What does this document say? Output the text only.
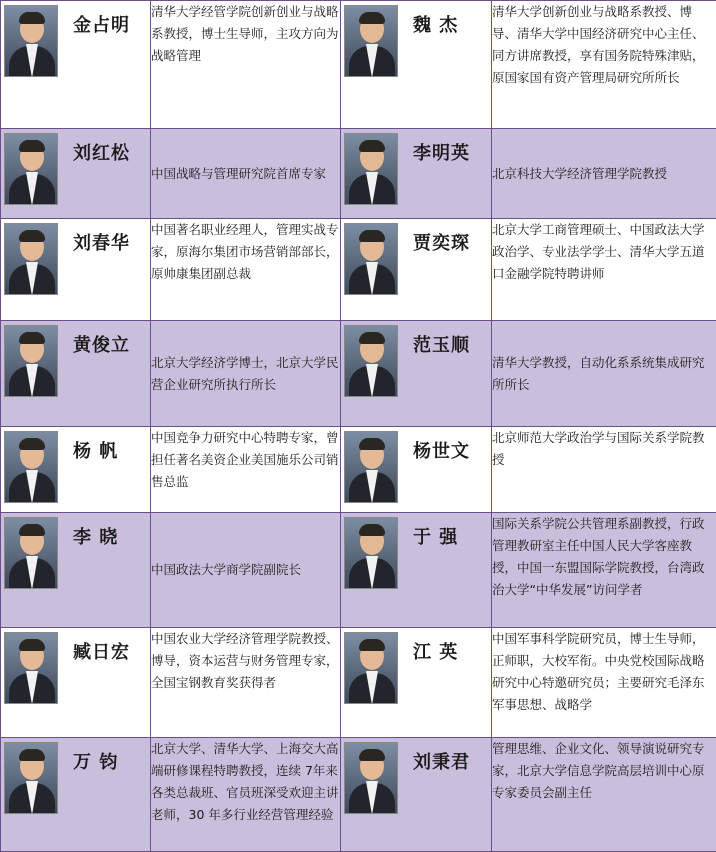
金占明	清华大学经管学院创新创业与战略系教授，博士生导师，主攻方向为战略管理	魏 杰	清华大学创新创业与战略系教授、博导、清华大学中国经济研究中心主任、同方讲席教授，享有国务院特殊津贴，原国家国有资产管理局研究所所长

刘红松	中国战略与管理研究院首席专家	李明英	北京科技大学经济管理学院教授

刘春华	中国著名职业经理人，管理实战专家，原海尔集团市场营销部部长，原帅康集团副总裁	贾奕琛	北京大学工商管理硕士、中国政法大学政治学、专业法学学士、清华大学五道口金融学院特聘讲师

黄俊立	北京大学经济学博士，北京大学民营企业研究所执行所长	范玉顺	清华大学教授，自动化系系统集成研究所所长

杨 帆	中国竞争力研究中心特聘专家，曾担任著名美资企业美国施乐公司销售总监	杨世文	北京师范大学政治学与国际关系学院教授

李 晓	中国政法大学商学院副院长	于 强	国际关系学院公共管理系副教授，行政管理教研室主任中国人民大学客座教授，中国一东盟国际学院教授，台湾政治大学“中华发展”访问学者

臧日宏	中国农业大学经济管理学院教授、博导，资本运营与财务管理专家，全国宝钢教育奖获得者	江 英	中国军事科学院研究员，博士生导师，正师职，大校军衔。中央党校国际战略研究中心特邀研究员；主要研究毛泽东军事思想、战略学

万 钧	北京大学、清华大学、上海交大高端研修课程特聘教授，连续 7年来各类总裁班、官员班深受欢迎主讲老师，30 年多行业经营管理经验	刘秉君	管理思维、企业文化、领导演说研究专家，北京大学信息学院高层培训中心原专家委员会副主任
